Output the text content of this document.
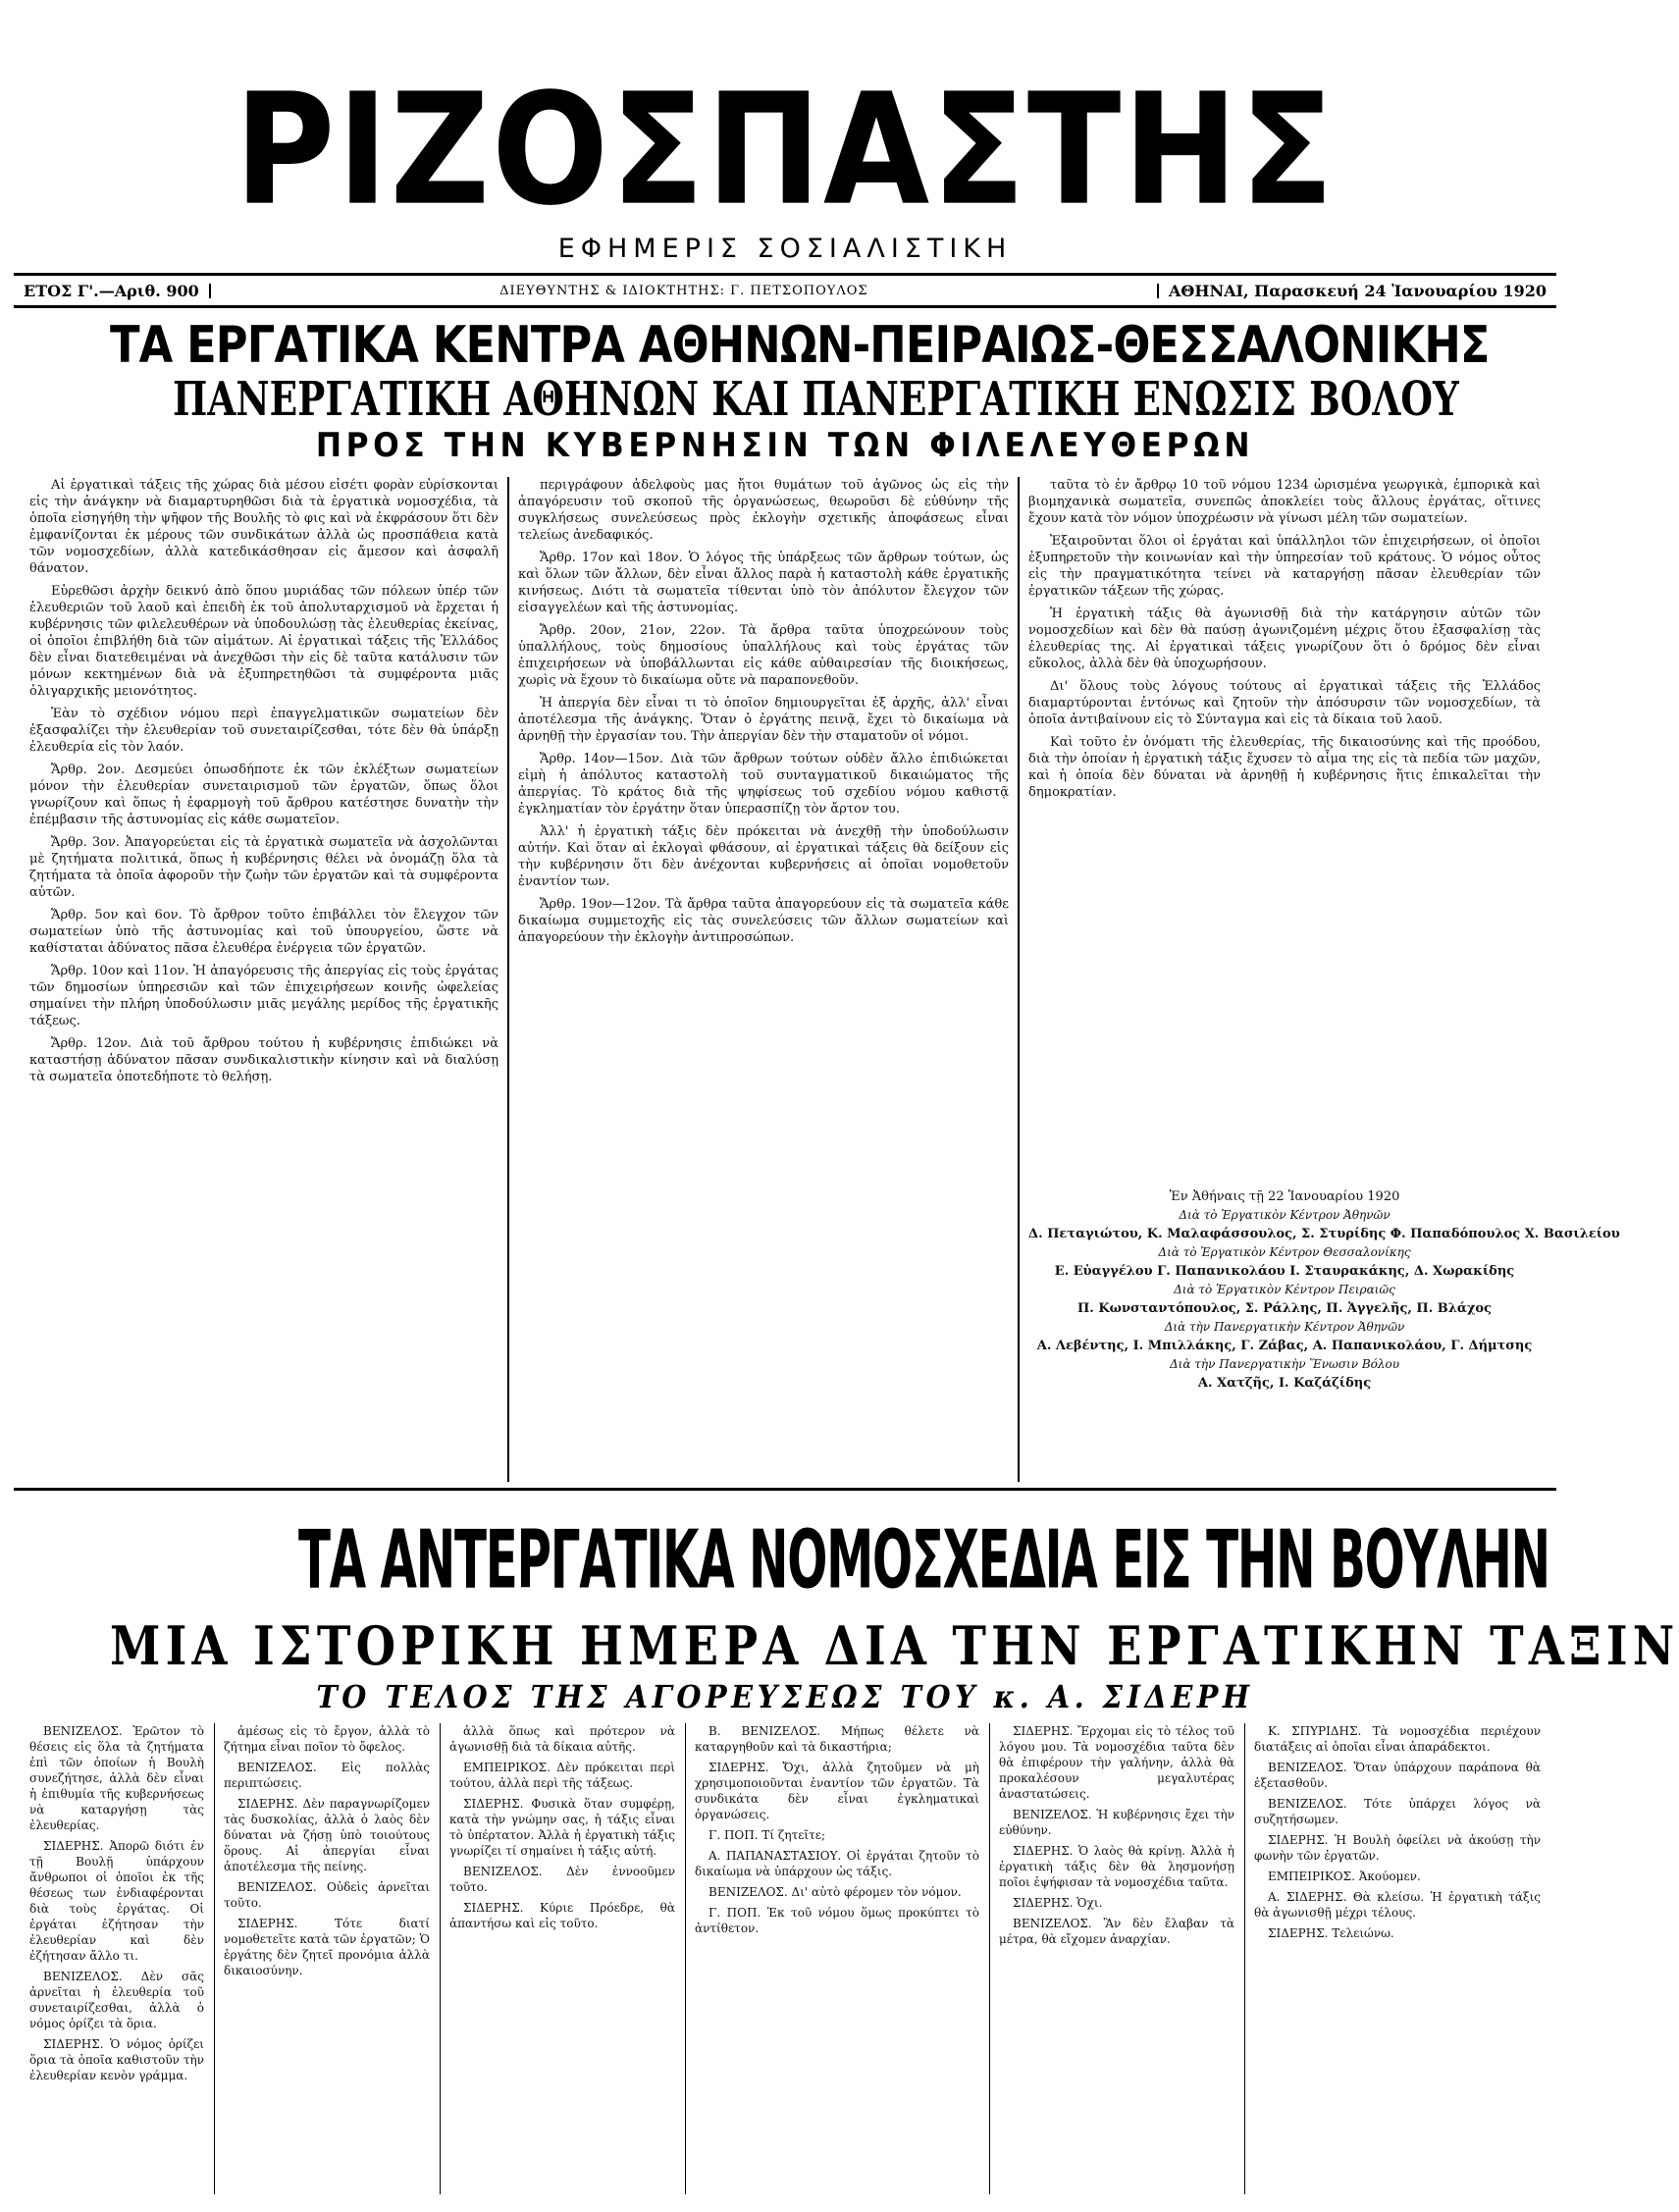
ΡΙΖΟΣΠΑΣΤΗΣ
ΕΦΗΜΕΡΙΣ ΣΟΣΙΑΛΙΣΤΙΚΗ
ΕΤΟΣ Γ'.—Αριθ. 900	ΔΙΕΥΘΥΝΤΗΣ & ΙΔΙΟΚΤΗΤΗΣ: Γ. ΠΕΤΣΟΠΟΥΛΟΣ	ΑΘΗΝΑΙ, Παρασκευή 24 Ἰανουαρίου 1920
ΤΑ ΕΡΓΑΤΙΚΑ ΚΕΝΤΡΑ ΑΘΗΝΩΝ-ΠΕΙΡΑΙΩΣ-ΘΕΣΣΑΛΟΝΙΚΗΣ
ΠΑΝΕΡΓΑΤΙΚΗ ΑΘΗΝΩΝ ΚΑΙ ΠΑΝΕΡΓΑΤΙΚΗ ΕΝΩΣΙΣ ΒΟΛΟΥ
ΠΡΟΣ ΤΗΝ ΚΥΒΕΡΝΗΣΙΝ ΤΩΝ ΦΙΛΕΛΕΥΘΕΡΩΝ

Αἱ ἐργατικαὶ τάξεις τῆς χώρας διὰ μέσου εἰσέτι φορὰν εὑρίσκονται εἰς τὴν ἀνάγκην νὰ διαμαρτυρηθῶσι διὰ τὰ ἐργατικὰ νομοσχέδια, τὰ ὁποῖα εἰσηγήθη τὴν ψῆφον τῆς Βουλῆς τὸ φις καὶ νὰ ἐκφράσουν ὅτι δὲν ἐμφανίζονται ἐκ μέρους τῶν συνδικάτων ἀλλὰ ὡς προσπάθεια κατὰ τῶν νομοσχεδίων, ἀλλὰ κατεδικάσθησαν εἰς ἄμεσον καὶ ἀσφαλῆ θάνατον.

Εὑρεθῶσι ἀρχὴν δεικνύ ἀπὸ ὅπου μυριάδας τῶν πόλεων ὑπέρ τῶν ἐλευθεριῶν τοῦ λαοῦ καὶ ἐπειδὴ ἐκ τοῦ ἀπολυταρχισμοῦ νὰ ἔρχεται ἡ κυβέρνησις τῶν φιλελευθέρων νὰ ὑποδουλώσῃ τὰς ἐλευθερίας ἐκείνας, οἱ ὁποῖοι ἐπιβλήθη διὰ τῶν αἱμάτων. Αἱ ἐργατικαὶ τάξεις τῆς Ἑλλάδος δὲν εἶναι διατεθειμέναι νὰ ἀνεχθῶσι τὴν εἰς δὲ ταῦτα κατάλυσιν τῶν μόνων κεκτημένων διὰ νὰ ἐξυπηρετηθῶσι τὰ συμφέροντα μιᾶς ὀλιγαρχικῆς μειονότητος.

Ἐὰν τὸ σχέδιον νόμου περὶ ἐπαγγελματικῶν σωματείων δὲν ἐξασφαλίζει τὴν ἐλευθερίαν τοῦ συνεταιρίζεσθαι, τότε δὲν θὰ ὑπάρξῃ ἐλευθερία εἰς τὸν λαόν.

Ἄρθρ. 2ον. Δεσμεύει ὁπωσδήποτε ἐκ τῶν ἐκλέξτων σωματείων μόνον τὴν ἐλευθερίαν συνεταιρισμοῦ τῶν ἐργατῶν, ὅπως ὅλοι γνωρίζουν καὶ ὅπως ἡ ἐφαρμογὴ τοῦ ἄρθρου κατέστησε δυνατὴν τὴν ἐπέμβασιν τῆς ἀστυνομίας εἰς κάθε σωματεῖον.

Ἄρθρ. 3ον. Ἀπαγορεύεται εἰς τὰ ἐργατικὰ σωματεῖα νὰ ἀσχολῶνται μὲ ζητήματα πολιτικά, ὅπως ἡ κυβέρνησις θέλει νὰ ὀνομάζῃ ὅλα τὰ ζητήματα τὰ ὁποῖα ἀφοροῦν τὴν ζωὴν τῶν ἐργατῶν καὶ τὰ συμφέροντα αὐτῶν.

Ἄρθρ. 5ον καὶ 6ον. Τὸ ἄρθρον τοῦτο ἐπιβάλλει τὸν ἔλεγχον τῶν σωματείων ὑπὸ τῆς ἀστυνομίας καὶ τοῦ ὑπουργείου, ὥστε νὰ καθίσταται ἀδύνατος πᾶσα ἐλευθέρα ἐνέργεια τῶν ἐργατῶν.

Ἄρθρ. 10ον καὶ 11ον. Ἡ ἀπαγόρευσις τῆς ἀπεργίας εἰς τοὺς ἐργάτας τῶν δημοσίων ὑπηρεσιῶν καὶ τῶν ἐπιχειρήσεων κοινῆς ὠφελείας σημαίνει τὴν πλήρη ὑποδούλωσιν μιᾶς μεγάλης μερίδος τῆς ἐργατικῆς τάξεως.

Ἄρθρ. 12ον. Διὰ τοῦ ἄρθρου τούτου ἡ κυβέρνησις ἐπιδιώκει νὰ καταστήσῃ ἀδύνατον πᾶσαν συνδικαλιστικὴν κίνησιν καὶ νὰ διαλύσῃ τὰ σωματεῖα ὁποτεδήποτε τὸ θελήσῃ.

περιγράφουν ἀδελφοὺς μας ἤτοι θυμάτων τοῦ ἀγῶνος ὡς εἰς τὴν ἀπαγόρευσιν τοῦ σκοποῦ τῆς ὀργανώσεως, θεωροῦσι δὲ εὐθύνην τῆς συγκλήσεως συνελεύσεως πρὸς ἐκλογὴν σχετικῆς ἀποφάσεως εἶναι τελείως ἀνεδαφικός.

Ἄρθρ. 17ον καὶ 18ον. Ὁ λόγος τῆς ὑπάρξεως τῶν ἄρθρων τούτων, ὡς καὶ ὅλων τῶν ἄλλων, δὲν εἶναι ἄλλος παρὰ ἡ καταστολὴ κάθε ἐργατικῆς κινήσεως. Διότι τὰ σωματεῖα τίθενται ὑπὸ τὸν ἀπόλυτον ἔλεγχον τῶν εἰσαγγελέων καὶ τῆς ἀστυνομίας.

Ἄρθρ. 20ον, 21ον, 22ον. Τὰ ἄρθρα ταῦτα ὑποχρεώνουν τοὺς ὑπαλλήλους, τοὺς δημοσίους ὑπαλλήλους καὶ τοὺς ἐργάτας τῶν ἐπιχειρήσεων νὰ ὑποβάλλωνται εἰς κάθε αὐθαιρεσίαν τῆς διοικήσεως, χωρὶς νὰ ἔχουν τὸ δικαίωμα οὔτε νὰ παραπονεθοῦν.

Ἡ ἀπεργία δὲν εἶναι τι τὸ ὁποῖον δημιουργεῖται ἐξ ἀρχῆς, ἀλλ' εἶναι ἀποτέλεσμα τῆς ἀνάγκης. Ὅταν ὁ ἐργάτης πεινᾷ, ἔχει τὸ δικαίωμα νὰ ἀρνηθῇ τὴν ἐργασίαν του. Τὴν ἀπεργίαν δὲν τὴν σταματοῦν οἱ νόμοι.

Ἄρθρ. 14ον—15ον. Διὰ τῶν ἄρθρων τούτων οὐδὲν ἄλλο ἐπιδιώκεται εἰμὴ ἡ ἀπόλυτος καταστολὴ τοῦ συνταγματικοῦ δικαιώματος τῆς ἀπεργίας. Τὸ κράτος διὰ τῆς ψηφίσεως τοῦ σχεδίου νόμου καθιστᾷ ἐγκληματίαν τὸν ἐργάτην ὅταν ὑπερασπίζῃ τὸν ἄρτον του.

Ἀλλ' ἡ ἐργατικὴ τάξις δὲν πρόκειται νὰ ἀνεχθῇ τὴν ὑποδούλωσιν αὐτήν. Καὶ ὅταν αἱ ἐκλογαὶ φθάσουν, αἱ ἐργατικαὶ τάξεις θὰ δείξουν εἰς τὴν κυβέρνησιν ὅτι δὲν ἀνέχονται κυβερνήσεις αἱ ὁποῖαι νομοθετοῦν ἐναντίον των.

Ἄρθρ. 19ον—12ον. Τὰ ἄρθρα ταῦτα ἀπαγορεύουν εἰς τὰ σωματεῖα κάθε δικαίωμα συμμετοχῆς εἰς τὰς συνελεύσεις τῶν ἄλλων σωματείων καὶ ἀπαγορεύουν τὴν ἐκλογὴν ἀντιπροσώπων.

ταῦτα τὸ ἐν ἄρθρῳ 10 τοῦ νόμου 1234 ὡρισμένα γεωργικὰ, ἐμπορικὰ καὶ βιομηχανικὰ σωματεῖα, συνεπῶς ἀποκλείει τοὺς ἄλλους ἐργάτας, οἵτινες ἔχουν κατὰ τὸν νόμον ὑποχρέωσιν νὰ γίνωσι μέλη τῶν σωματείων.

Ἐξαιροῦνται ὅλοι οἱ ἐργάται καὶ ὑπάλληλοι τῶν ἐπιχειρήσεων, οἱ ὁποῖοι ἐξυπηρετοῦν τὴν κοινωνίαν καὶ τὴν ὑπηρεσίαν τοῦ κράτους. Ὁ νόμος οὗτος εἰς τὴν πραγματικότητα τείνει νὰ καταργήσῃ πᾶσαν ἐλευθερίαν τῶν ἐργατικῶν τάξεων τῆς χώρας.

Ἡ ἐργατικὴ τάξις θὰ ἀγωνισθῇ διὰ τὴν κατάργησιν αὐτῶν τῶν νομοσχεδίων καὶ δὲν θὰ παύσῃ ἀγωνιζομένη μέχρις ὅτου ἐξασφαλίσῃ τὰς ἐλευθερίας της. Αἱ ἐργατικαὶ τάξεις γνωρίζουν ὅτι ὁ δρόμος δὲν εἶναι εὔκολος, ἀλλὰ δὲν θὰ ὑποχωρήσουν.

Δι' ὅλους τοὺς λόγους τούτους αἱ ἐργατικαὶ τάξεις τῆς Ἑλλάδος διαμαρτύρονται ἐντόνως καὶ ζητοῦν τὴν ἀπόσυρσιν τῶν νομοσχεδίων, τὰ ὁποῖα ἀντιβαίνουν εἰς τὸ Σύνταγμα καὶ εἰς τὰ δίκαια τοῦ λαοῦ.

Καὶ τοῦτο ἐν ὀνόματι τῆς ἐλευθερίας, τῆς δικαιοσύνης καὶ τῆς προόδου, διὰ τὴν ὁποίαν ἡ ἐργατικὴ τάξις ἔχυσεν τὸ αἷμα της εἰς τὰ πεδία τῶν μαχῶν, καὶ ἡ ὁποία δὲν δύναται νὰ ἀρνηθῇ ἡ κυβέρνησις ἥτις ἐπικαλεῖται τὴν δημοκρατίαν.

Ἐν Ἀθήναις τῇ 22 Ἰανουαρίου 1920
Διὰ τὸ Ἐργατικὸν Κέντρον Ἀθηνῶν
Δ. Πεταγιώτου, Κ. Μαλαφάσσουλος, Σ. Στυρίδης Φ. Παπαδόπουλος Χ. Βασιλείου
Διὰ τὸ Ἐργατικὸν Κέντρον Θεσσαλονίκης
Ε. Εὐαγγέλου Γ. Παπανικολάου Ι. Σταυρακάκης, Δ. Χωρακίδης
Διὰ τὸ Ἐργατικὸν Κέντρον Πειραιῶς
Π. Κωνσταντόπουλος, Σ. Ράλλης, Π. Ἀγγελῆς, Π. Βλάχος
Διὰ τὴν Πανεργατικὴν Κέντρον Ἀθηνῶν
Α. Λεβέντης, Ι. Μπιλλάκης, Γ. Ζάβας, Α. Παπανικολάου, Γ. Δήμτσης
Διὰ τὴν Πανεργατικὴν Ἕνωσιν Βόλου
Α. Χατζῆς, Ι. Καζάζίδης
ΤΑ ΑΝΤΕΡΓΑΤΙΚΑ ΝΟΜΟΣΧΕΔΙΑ ΕΙΣ ΤΗΝ ΒΟΥΛΗΝ
ΜΙΑ ΙΣΤΟΡΙΚΗ ΗΜΕΡΑ ΔΙΑ ΤΗΝ ΕΡΓΑΤΙΚΗΝ ΤΑΞΙΝ
ΤΟ ΤΕΛΟΣ ΤΗΣ ΑΓΟΡΕΥΣΕΩΣ ΤΟΥ κ. Α. ΣΙΔΕΡΗ

ΒΕΝΙΖΕΛΟΣ. Ἐρῶτον τὸ θέσεις εἰς ὅλα τὰ ζητήματα ἐπὶ τῶν ὁποίων ἡ Βουλὴ συνεζήτησε, ἀλλὰ δὲν εἶναι ἡ ἐπιθυμία τῆς κυβερνήσεως νὰ καταργήσῃ τὰς ἐλευθερίας.

ΣΙΔΕΡΗΣ. Ἀπορῶ διότι ἐν τῇ Βουλῇ ὑπάρχουν ἄνθρωποι οἱ ὁποῖοι ἐκ τῆς θέσεως των ἐνδιαφέρονται διὰ τοὺς ἐργάτας. Οἱ ἐργάται ἐζήτησαν τὴν ἐλευθερίαν καὶ δὲν ἐζήτησαν ἄλλο τι.

ΒΕΝΙΖΕΛΟΣ. Δὲν σᾶς ἀρνεῖται ἡ ἐλευθερία τοῦ συνεταιρίζεσθαι, ἀλλὰ ὁ νόμος ὁρίζει τὰ ὅρια.

ΣΙΔΕΡΗΣ. Ὁ νόμος ὁρίζει ὅρια τὰ ὁποῖα καθιστοῦν τὴν ἐλευθερίαν κενὸν γράμμα.

ἀμέσως εἰς τὸ ἔργον, ἀλλὰ τὸ ζήτημα εἶναι ποῖον τὸ ὄφελος.

ΒΕΝΙΖΕΛΟΣ. Εἰς πολλὰς περιπτώσεις.

ΣΙΔΕΡΗΣ. Δὲν παραγνωρίζομεν τὰς δυσκολίας, ἀλλὰ ὁ λαὸς δὲν δύναται νὰ ζήσῃ ὑπὸ τοιούτους ὅρους. Αἱ ἀπεργίαι εἶναι ἀποτέλεσμα τῆς πείνης.

ΒΕΝΙΖΕΛΟΣ. Οὐδεὶς ἀρνεῖται τοῦτο.

ΣΙΔΕΡΗΣ. Τότε διατί νομοθετεῖτε κατὰ τῶν ἐργατῶν; Ὁ ἐργάτης δὲν ζητεῖ προνόμια ἀλλὰ δικαιοσύνην.

ἀλλὰ ὅπως καὶ πρότερον νὰ ἀγωνισθῇ διὰ τὰ δίκαια αὐτῆς.

ΕΜΠΕΙΡΙΚΟΣ. Δὲν πρόκειται περὶ τούτου, ἀλλὰ περὶ τῆς τάξεως.

ΣΙΔΕΡΗΣ. Φυσικὰ ὅταν συμφέρῃ, κατὰ τὴν γνώμην σας, ἡ τάξις εἶναι τὸ ὑπέρτατον. Ἀλλὰ ἡ ἐργατικὴ τάξις γνωρίζει τί σημαίνει ἡ τάξις αὐτή.

ΒΕΝΙΖΕΛΟΣ. Δὲν ἐννοοῦμεν τοῦτο.

ΣΙΔΕΡΗΣ. Κύριε Πρόεδρε, θὰ ἀπαντήσω καὶ εἰς τοῦτο.

Β. ΒΕΝΙΖΕΛΟΣ. Μήπως θέλετε νὰ καταργηθοῦν καὶ τὰ δικαστήρια;

ΣΙΔΕΡΗΣ. Ὄχι, ἀλλὰ ζητοῦμεν νὰ μὴ χρησιμοποιοῦνται ἐναντίον τῶν ἐργατῶν. Τὰ συνδικάτα δὲν εἶναι ἐγκληματικαὶ ὀργανώσεις.

Γ. ΠΟΠ. Τί ζητεῖτε;

Α. ΠΑΠΑΝΑΣΤΑΣΙΟΥ. Οἱ ἐργάται ζητοῦν τὸ δικαίωμα νὰ ὑπάρχουν ὡς τάξις.

ΒΕΝΙΖΕΛΟΣ. Δι' αὐτὸ φέρομεν τὸν νόμον.

Γ. ΠΟΠ. Ἐκ τοῦ νόμου ὅμως προκύπτει τὸ ἀντίθετον.

ΣΙΔΕΡΗΣ. Ἔρχομαι εἰς τὸ τέλος τοῦ λόγου μου. Τὰ νομοσχέδια ταῦτα δὲν θὰ ἐπιφέρουν τὴν γαλήνην, ἀλλὰ θὰ προκαλέσουν μεγαλυτέρας ἀναστατώσεις.

ΒΕΝΙΖΕΛΟΣ. Ἡ κυβέρνησις ἔχει τὴν εὐθύνην.

ΣΙΔΕΡΗΣ. Ὁ λαὸς θὰ κρίνῃ. Ἀλλὰ ἡ ἐργατικὴ τάξις δὲν θὰ λησμονήσῃ ποῖοι ἐψήφισαν τὰ νομοσχέδια ταῦτα.

ΣΙΔΕΡΗΣ. Ὁχι.

ΒΕΝΙΖΕΛΟΣ. Ἂν δὲν ἔλαβαν τὰ μέτρα, θὰ εἴχομεν ἀναρχίαν.

Κ. ΣΠΥΡΙΔΗΣ. Τὰ νομοσχέδια περιέχουν διατάξεις αἱ ὁποῖαι εἶναι ἀπαράδεκτοι.

ΒΕΝΙΖΕΛΟΣ. Ὅταν ὑπάρχουν παράπονα θὰ ἐξετασθοῦν.

ΒΕΝΙΖΕΛΟΣ. Τότε ὑπάρχει λόγος νὰ συζητήσωμεν.

ΣΙΔΕΡΗΣ. Ἡ Βουλὴ ὀφείλει νὰ ἀκούσῃ τὴν φωνὴν τῶν ἐργατῶν.

ΕΜΠΕΙΡΙΚΟΣ. Ἀκούομεν.

Α. ΣΙΔΕΡΗΣ. Θὰ κλείσω. Ἡ ἐργατικὴ τάξις θὰ ἀγωνισθῇ μέχρι τέλους.

ΣΙΔΕΡΗΣ. Τελειώνω.
